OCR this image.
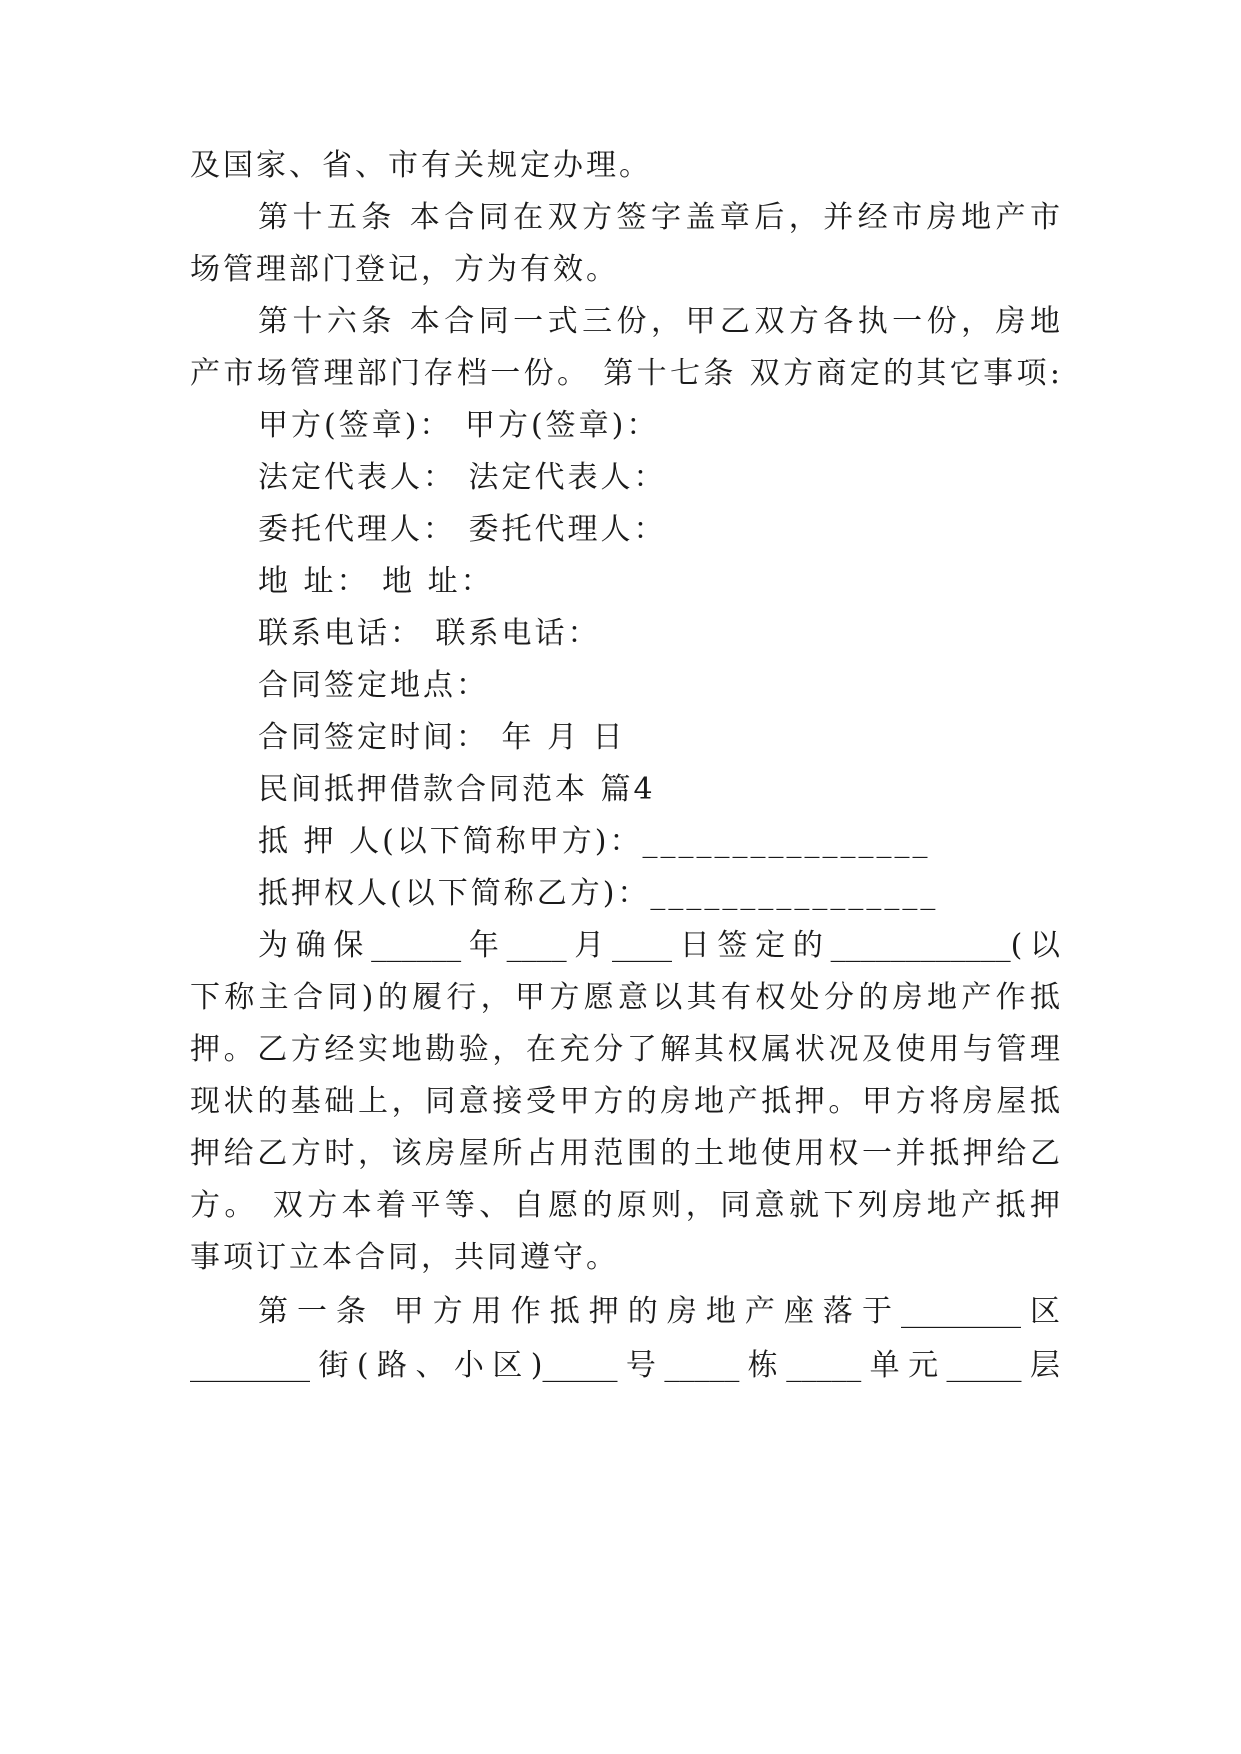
及国家、省、市有关规定办理。
第十五条 本合同在双方签字盖章后，并经市房地产市
场管理部门登记，方为有效。
第十六条 本合同一式三份，甲乙双方各执一份，房地
产市场管理部门存档一份。 第十七条 双方商定的其它事项:
甲方(签章)： 甲方(签章)：
法定代表人： 法定代表人：
委托代理人： 委托代理人：
地 址： 地 址：
联系电话： 联系电话：
合同签定地点：
合同签定时间： 年 月 日
民间抵押借款合同范本 篇4
抵 押 人(以下简称甲方)：________________
抵押权人(以下简称乙方)：________________
为确保______年____月____日签定的____________(以
下称主合同)的履行，甲方愿意以其有权处分的房地产作抵
押。乙方经实地勘验，在充分了解其权属状况及使用与管理
现状的基础上，同意接受甲方的房地产抵押。甲方将房屋抵
押给乙方时，该房屋所占用范围的土地使用权一并抵押给乙
方。 双方本着平等、自愿的原则，同意就下列房地产抵押
事项订立本合同，共同遵守。
第一条 甲方用作抵押的房地产座落于________区
________街(路、小区)_____号_____栋_____单元_____层
